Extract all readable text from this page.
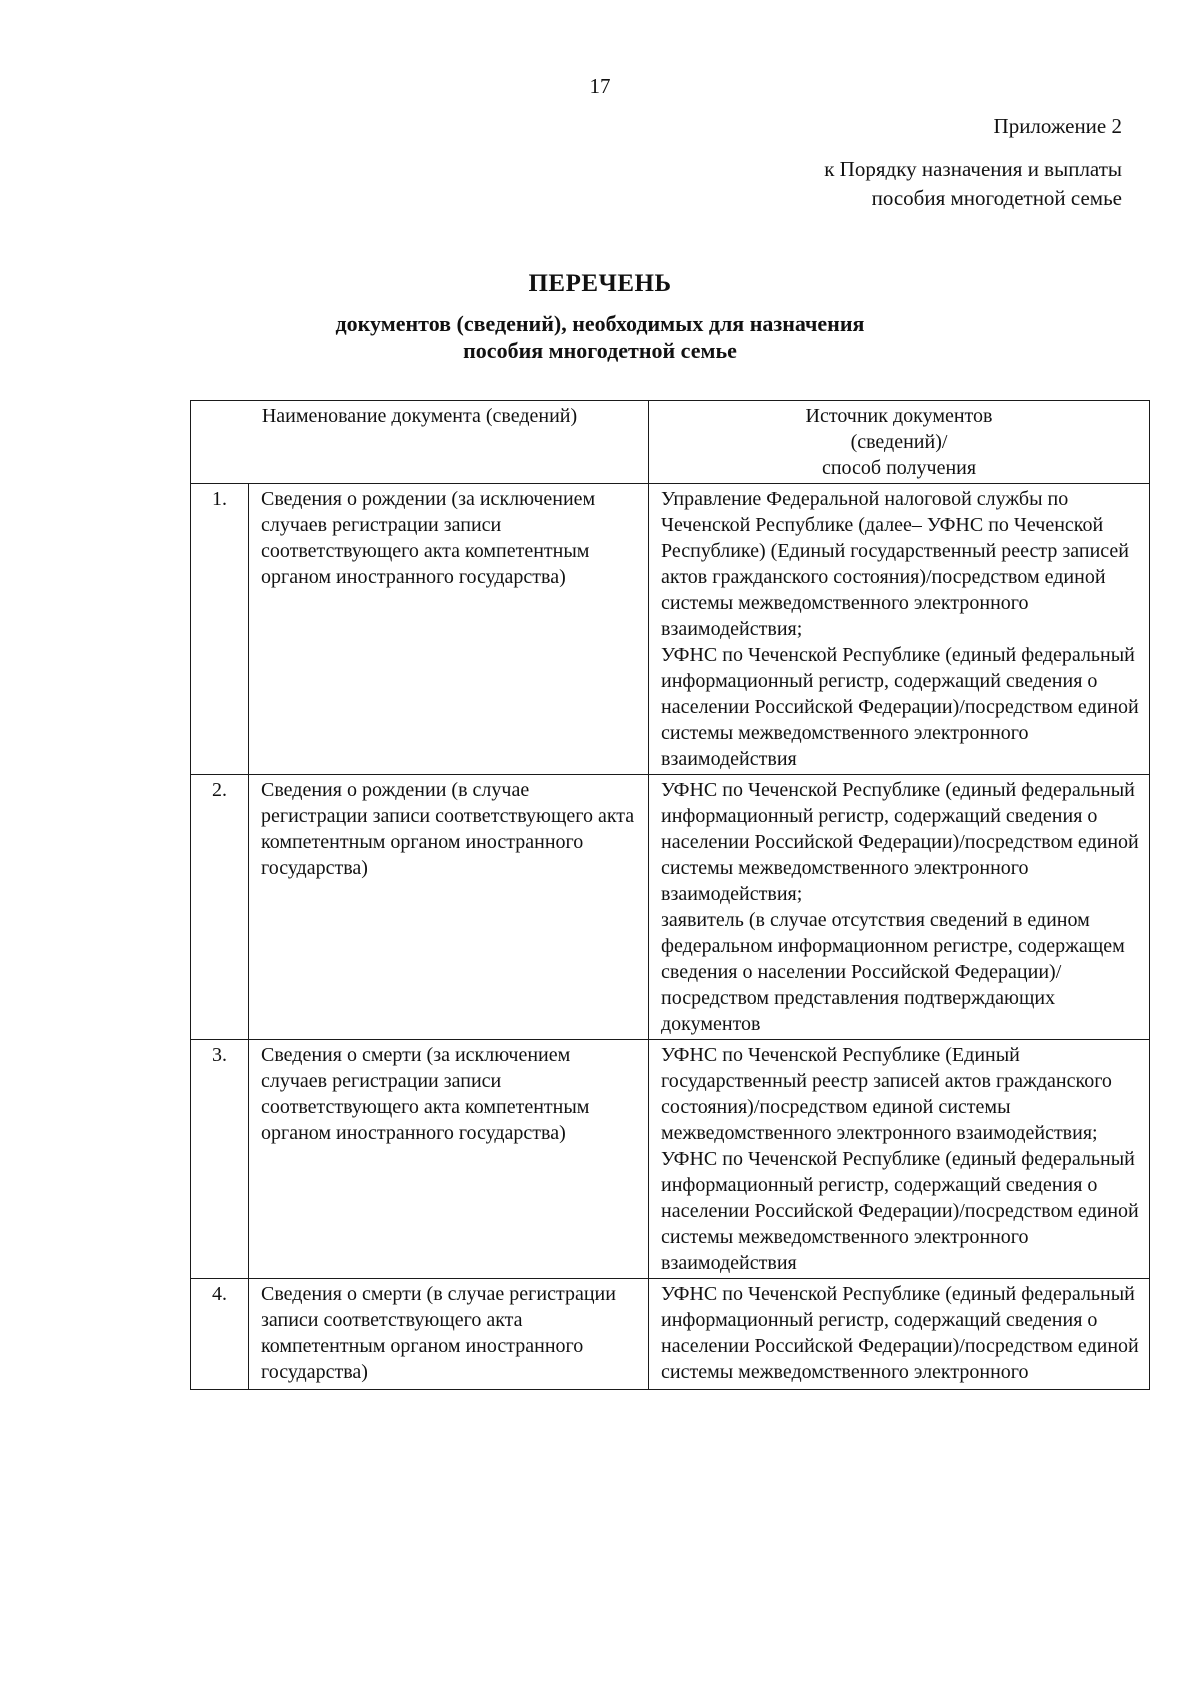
17
Приложение 2
к Порядку назначения и выплаты
пособия многодетной семье
ПЕРЕЧЕНЬ
документов (сведений), необходимых для назначения
пособия многодетной семье
Наименование документа (сведений)		Источник документов
(сведений)/
способ получения

1.	Сведения о рождении (за исключением случаев регистрации записи соответствующего акта компетентным органом иностранного государства)	Управление Федеральной налоговой службы по Чеченской Республике (далее– УФНС по Чеченской Республике) (Единый государственный реестр записей актов гражданского состояния)/посредством единой системы межведомственного электронного взаимодействия;
УФНС по Чеченской Республике (единый федеральный информационный регистр, содержащий сведения о населении Российской Федерации)/посредством единой системы межведомственного электронного взаимодействия

2.	Сведения о рождении (в случае регистрации записи соответствующего акта компетентным органом иностранного государства)	УФНС по Чеченской Республике (единый федеральный информационный регистр, содержащий сведения о населении Российской Федерации)/посредством единой системы межведомственного электронного взаимодействия;
заявитель (в случае отсутствия сведений в едином федеральном информационном регистре, содержащем сведения о населении Российской Федерации)/посредством представления подтверждающих документов

3.	Сведения о смерти (за исключением случаев регистрации записи соответствующего акта компетентным органом иностранного государства)	УФНС по Чеченской Республике (Единый государственный реестр записей актов гражданского состояния)/посредством единой системы межведомственного электронного взаимодействия;
УФНС по Чеченской Республике (единый федеральный информационный регистр, содержащий сведения о населении Российской Федерации)/посредством единой системы межведомственного электронного взаимодействия

4.	Сведения о смерти (в случае регистрации записи соответствующего акта компетентным органом иностранного государства)	УФНС по Чеченской Республике (единый федеральный информационный регистр, содержащий сведения о населении Российской Федерации)/посредством единой системы межведомственного электронного
